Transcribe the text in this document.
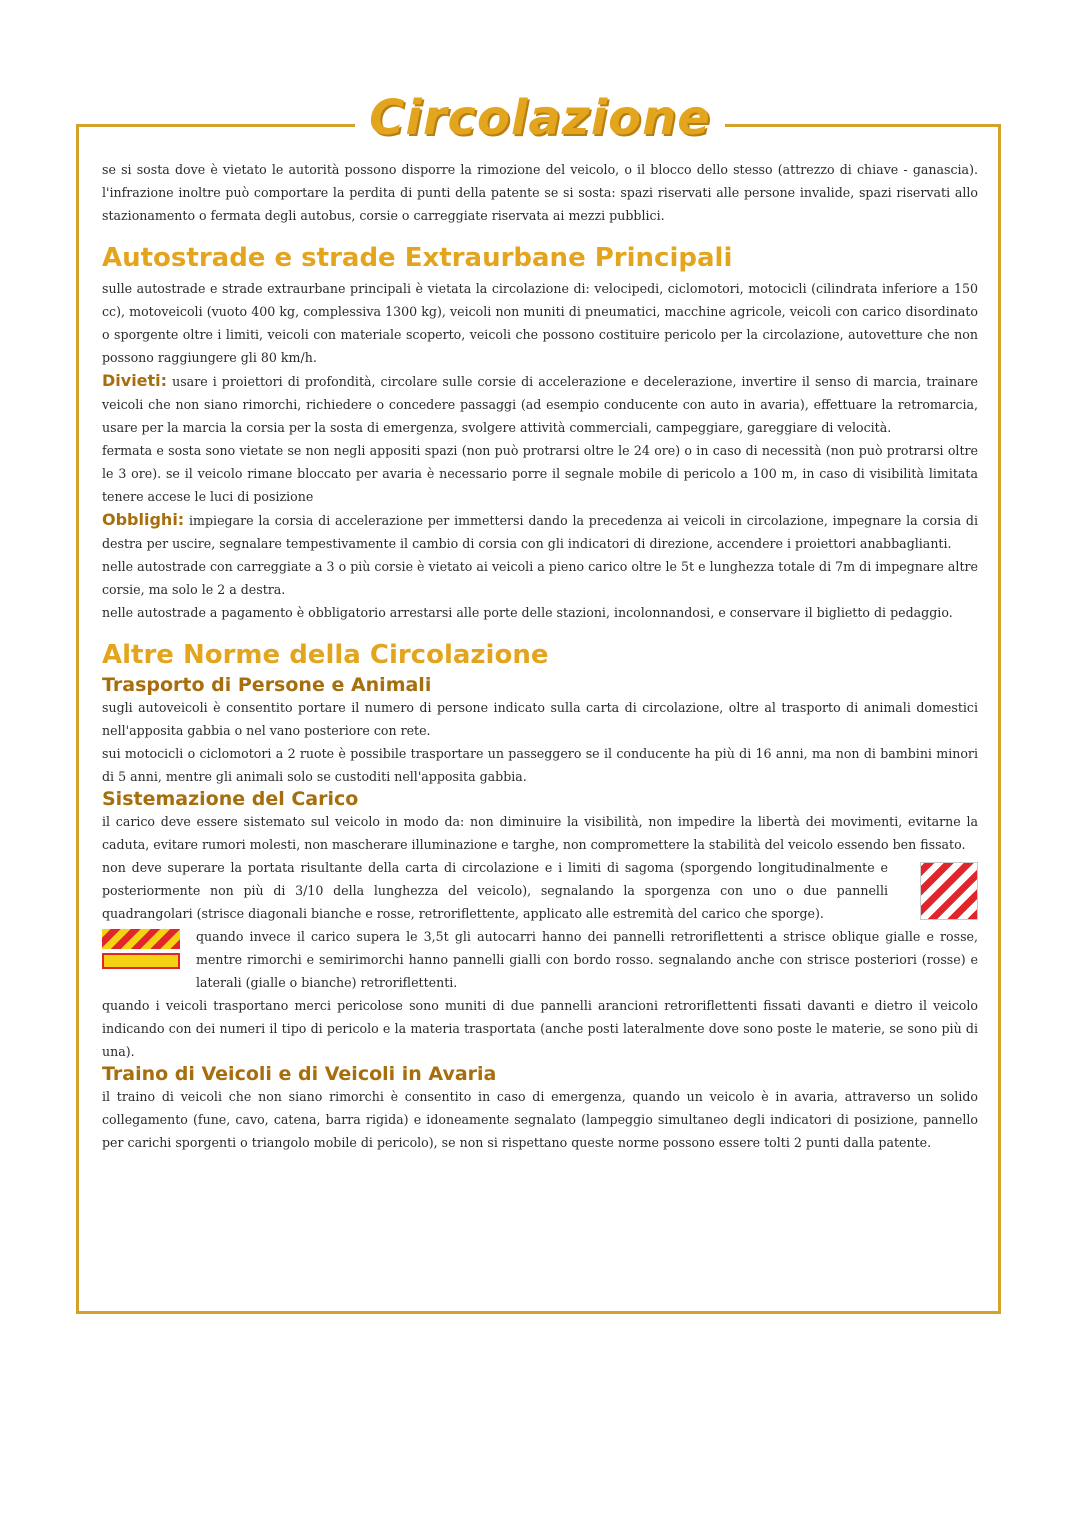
Circolazione

se si sosta dove è vietato le autorità possono disporre la rimozione del veicolo, o il blocco dello stesso (attrezzo di chiave - ganascia). l'infrazione inoltre può comportare la perdita di punti della patente se si sosta: spazi riservati alle persone invalide, spazi riservati allo stazionamento o fermata degli autobus, corsie o carreggiate riservata ai mezzi pubblici.

Autostrade e strade Extraurbane Principali

sulle autostrade e strade extraurbane principali è vietata la circolazione di: velocipedi, ciclomotori, motocicli (cilindrata inferiore a 150 cc), motoveicoli (vuoto 400 kg, complessiva 1300 kg), veicoli non muniti di pneumatici, macchine agricole, veicoli con carico disordinato o sporgente oltre i limiti, veicoli con materiale scoperto, veicoli che possono costituire pericolo per la circolazione, autovetture che non possono raggiungere gli 80 km/h.

Divieti: usare i proiettori di profondità, circolare sulle corsie di accelerazione e decelerazione, invertire il senso di marcia, trainare veicoli che non siano rimorchi, richiedere o concedere passaggi (ad esempio conducente con auto in avaria), effettuare la retromarcia, usare per la marcia la corsia per la sosta di emergenza, svolgere attività commerciali, campeggiare, gareggiare di velocità.

fermata e sosta sono vietate se non negli appositi spazi (non può protrarsi oltre le 24 ore) o in caso di necessità (non può protrarsi oltre le 3 ore). se il veicolo rimane bloccato per avaria è necessario porre il segnale mobile di pericolo a 100 m, in caso di visibilità limitata tenere accese le luci di posizione

Obblighi: impiegare la corsia di accelerazione per immettersi dando la precedenza ai veicoli in circolazione, impegnare la corsia di destra per uscire, segnalare tempestivamente il cambio di corsia con gli indicatori di direzione, accendere i proiettori anabbaglianti.

nelle autostrade con carreggiate a 3 o più corsie è vietato ai veicoli a pieno carico oltre le 5t e lunghezza totale di 7m di impegnare altre corsie, ma solo le 2 a destra.

nelle autostrade a pagamento è obbligatorio arrestarsi alle porte delle stazioni, incolonnandosi, e conservare il biglietto di pedaggio.

Altre Norme della Circolazione
Trasporto di Persone e Animali

sugli autoveicoli è consentito portare il numero di persone indicato sulla carta di circolazione, oltre al trasporto di animali domestici nell'apposita gabbia o nel vano posteriore con rete.

sui motocicli o ciclomotori a 2 ruote è possibile trasportare un passeggero se il conducente ha più di 16 anni, ma non di bambini minori di 5 anni, mentre gli animali solo se custoditi nell'apposita gabbia.

Sistemazione del Carico

il carico deve essere sistemato sul veicolo in modo da: non diminuire la visibilità, non impedire la libertà dei movimenti, evitarne la caduta, evitare rumori molesti, non mascherare illuminazione e targhe, non compromettere la stabilità del veicolo essendo ben fissato.

non deve superare la portata risultante della carta di circolazione e i limiti di sagoma (sporgendo longitudinalmente e posteriormente non più di 3/10 della lunghezza del veicolo), segnalando la sporgenza con uno o due pannelli quadrangolari (strisce diagonali bianche e rosse, retroriflettente, applicato alle estremità del carico che sporge).

quando invece il carico supera le 3,5t gli autocarri hanno dei pannelli retroriflettenti a strisce oblique gialle e rosse, mentre rimorchi e semirimorchi hanno pannelli gialli con bordo rosso. segnalando anche con strisce posteriori (rosse) e laterali (gialle o bianche) retroriflettenti.

quando i veicoli trasportano merci pericolose sono muniti di due pannelli arancioni retroriflettenti fissati davanti e dietro il veicolo indicando con dei numeri il tipo di pericolo e la materia trasportata (anche posti lateralmente dove sono poste le materie, se sono più di una).

Traino di Veicoli e di Veicoli in Avaria

il traino di veicoli che non siano rimorchi è consentito in caso di emergenza, quando un veicolo è in avaria, attraverso un solido collegamento (fune, cavo, catena, barra rigida) e idoneamente segnalato (lampeggio simultaneo degli indicatori di posizione, pannello per carichi sporgenti o triangolo mobile di pericolo), se non si rispettano queste norme possono essere tolti 2 punti dalla patente.
